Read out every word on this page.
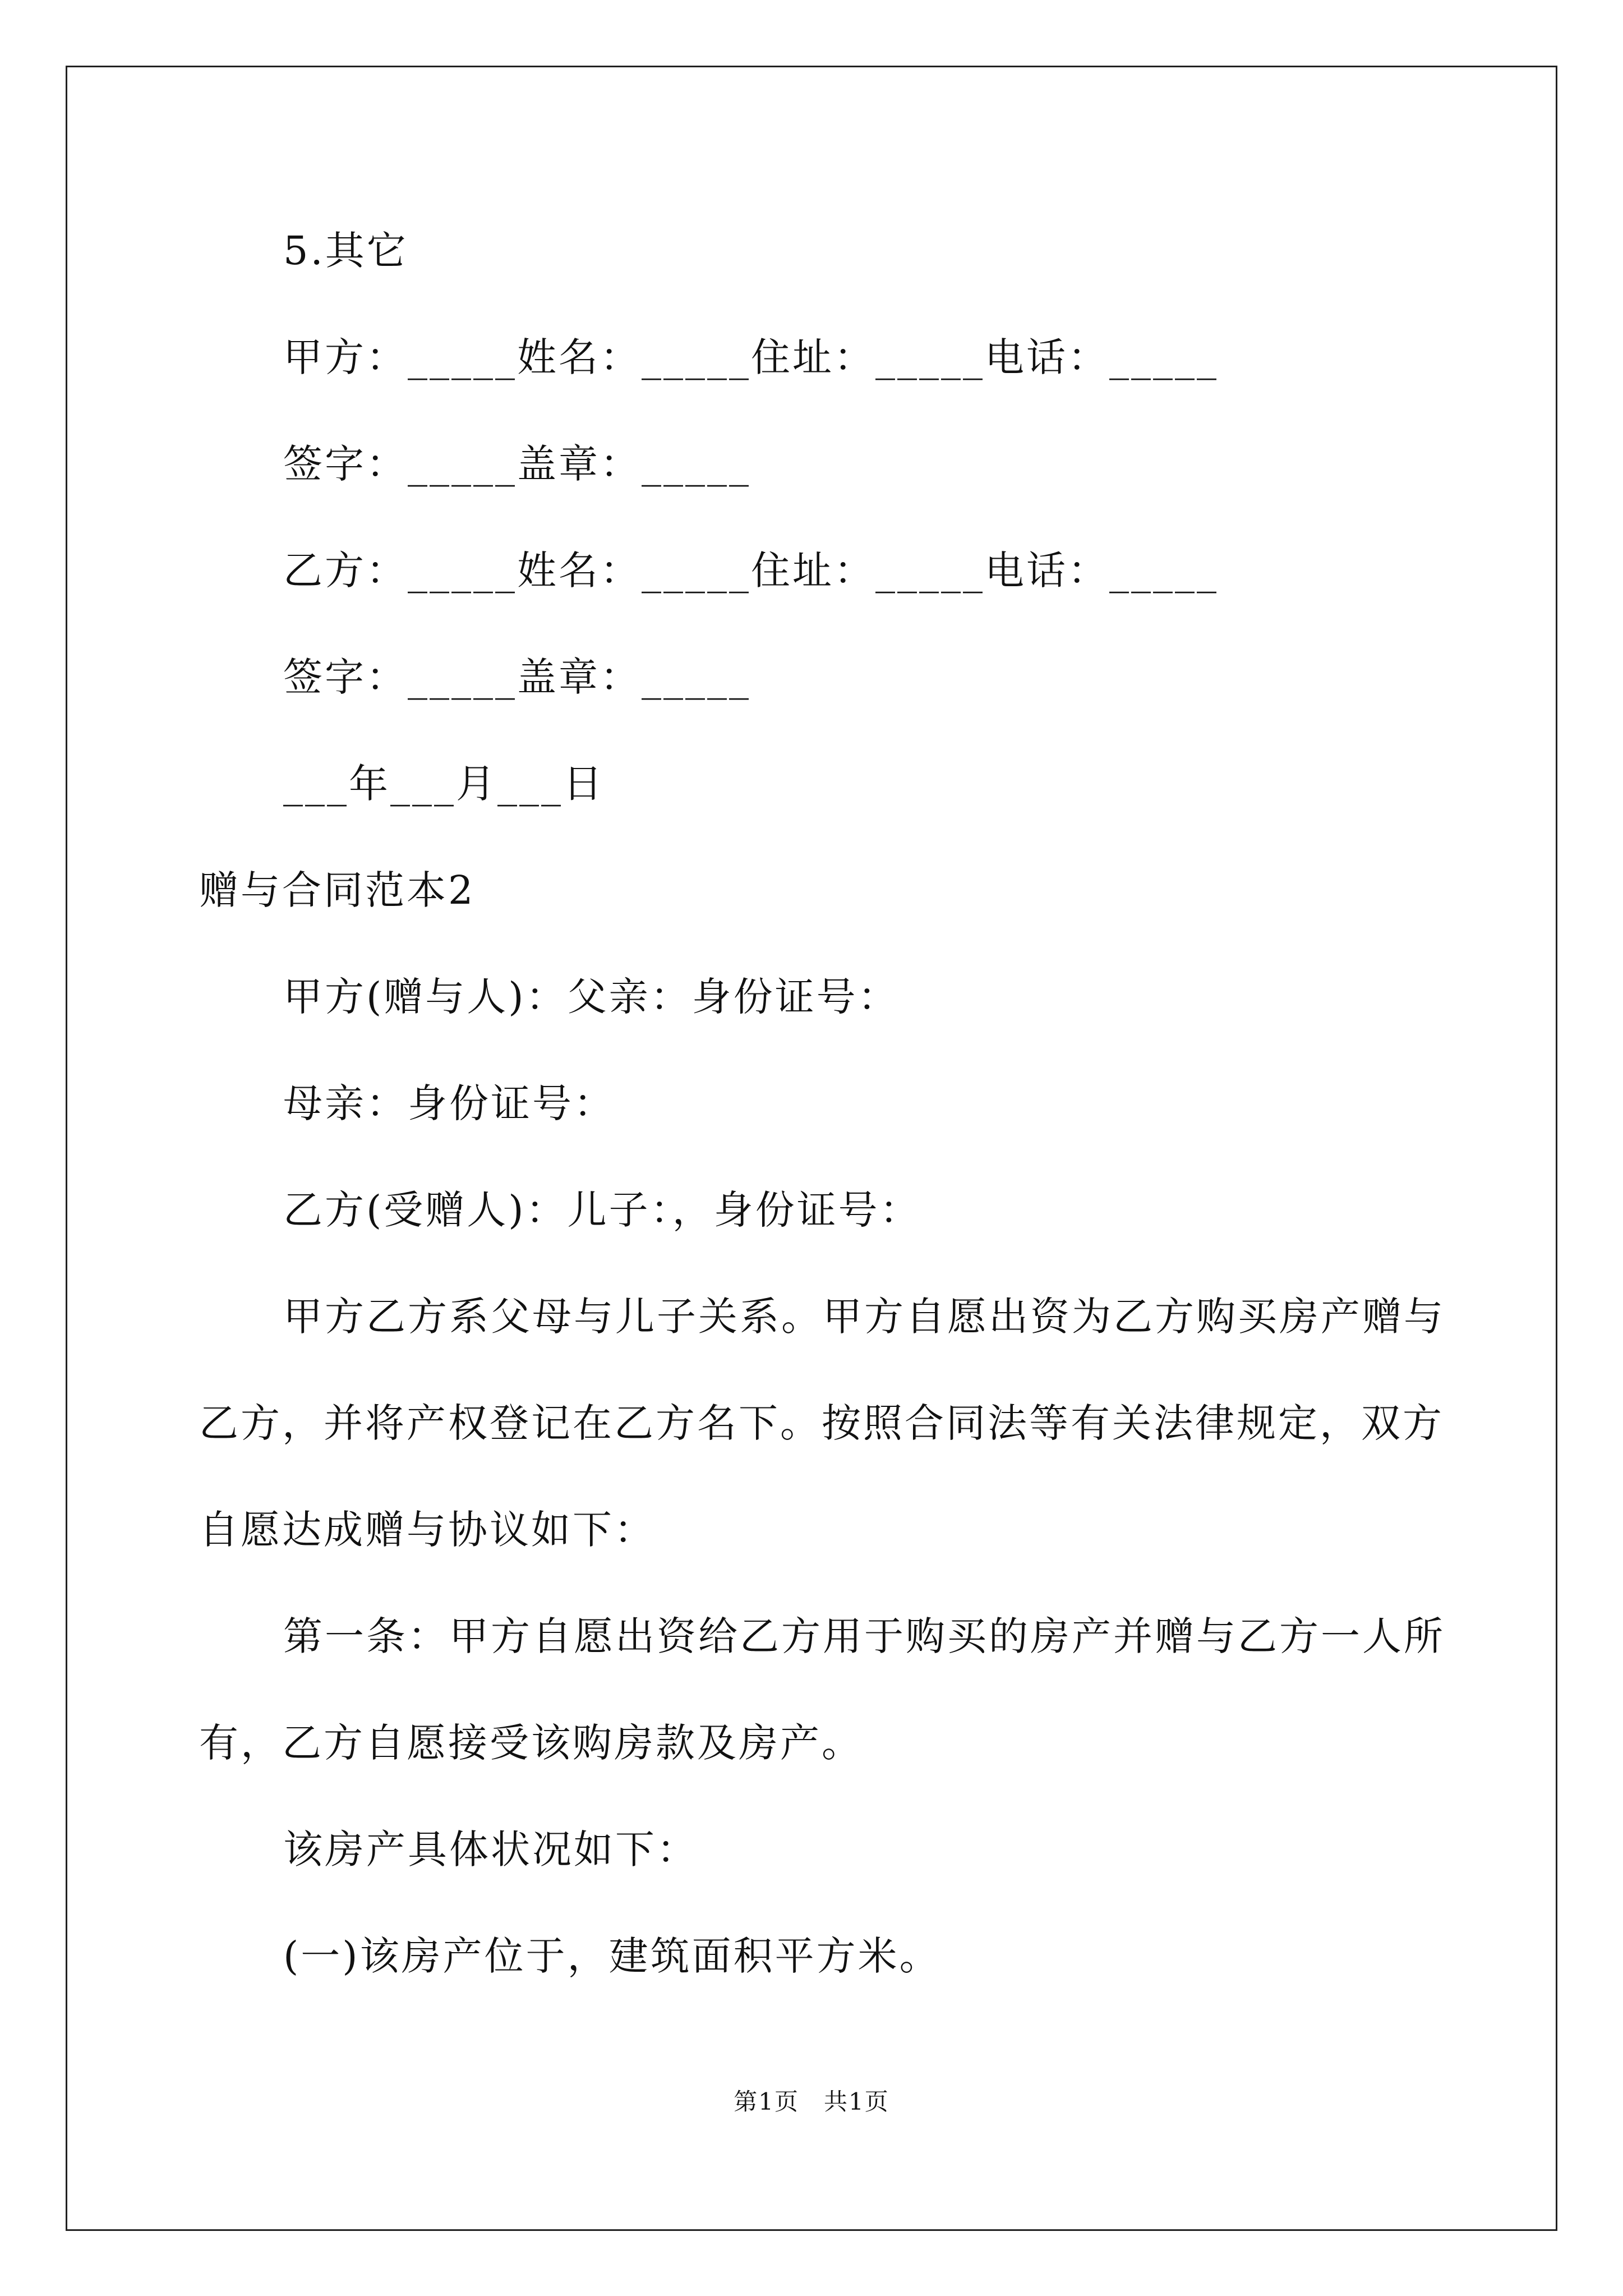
5.其它
甲方：_____姓名：_____住址：_____电话：_____
签字：_____盖章：_____
乙方：_____姓名：_____住址：_____电话：_____
签字：_____盖章：_____
___年___月___日
赠与合同范本2
甲方(赠与人)：父亲：身份证号：
母亲：身份证号：
乙方(受赠人)：儿子：，身份证号：
甲方乙方系父母与儿子关系。甲方自愿出资为乙方购买房产赠与
乙方，并将产权登记在乙方名下。按照合同法等有关法律规定，双方
自愿达成赠与协议如下：
第一条：甲方自愿出资给乙方用于购买的房产并赠与乙方一人所
有，乙方自愿接受该购房款及房产。
该房产具体状况如下：
(一)该房产位于，建筑面积平方米。
第1页　共1页
